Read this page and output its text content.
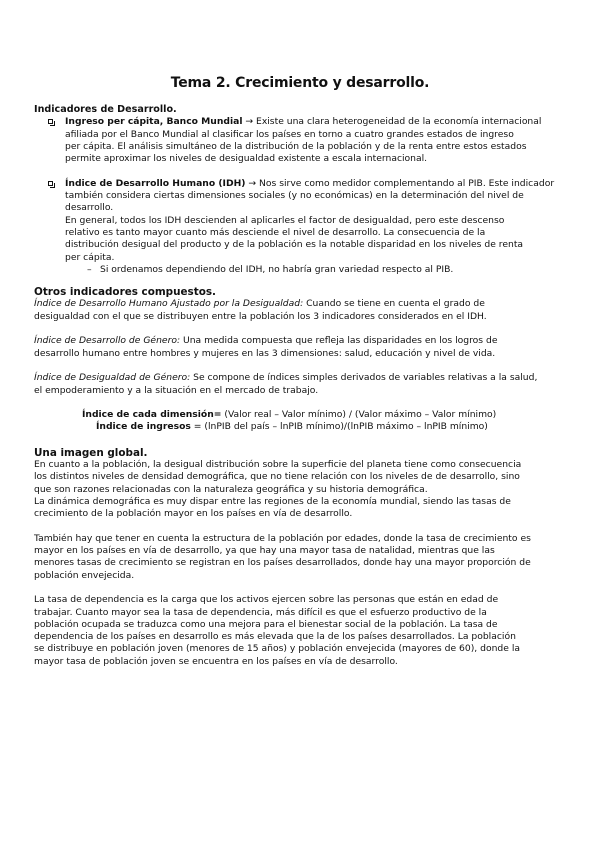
Tema 2. Crecimiento y desarrollo.

Indicadores de Desarrollo.

Ingreso per cápita, Banco Mundial → Existe una clara heterogeneidad de la economía internacional

afiliada por el Banco Mundial al clasificar los países en torno a cuatro grandes estados de ingreso

per cápita. El análisis simultáneo de la distribución de la población y de la renta entre estos estados

permite aproximar los niveles de desigualdad existente a escala internacional.

Índice de Desarrollo Humano (IDH) → Nos sirve como medidor complementando al PIB. Este indicador

también considera ciertas dimensiones sociales (y no económicas) en la determinación del nivel de

desarrollo.

En general, todos los IDH descienden al aplicarles el factor de desigualdad, pero este descenso

relativo es tanto mayor cuanto más desciende el nivel de desarrollo. La consecuencia de la

distribución desigual del producto y de la población es la notable disparidad en los niveles de renta

per cápita.

– Si ordenamos dependiendo del IDH, no habría gran variedad respecto al PIB.

Otros indicadores compuestos.

Índice de Desarrollo Humano Ajustado por la Desigualdad: Cuando se tiene en cuenta el grado de

desigualdad con el que se distribuyen entre la población los 3 indicadores considerados en el IDH.

Índice de Desarrollo de Género: Una medida compuesta que refleja las disparidades en los logros de

desarrollo humano entre hombres y mujeres en las 3 dimensiones: salud, educación y nivel de vida.

Índice de Desigualdad de Género: Se compone de índices simples derivados de variables relativas a la salud,

el empoderamiento y a la situación en el mercado de trabajo.

Índice de cada dimensión= (Valor real – Valor mínimo) / (Valor máximo – Valor mínimo)

Índice de ingresos = (lnPIB del país – lnPIB mínimo)/(lnPIB máximo – lnPIB mínimo)

Una imagen global.

En cuanto a la población, la desigual distribución sobre la superficie del planeta tiene como consecuencia

los distintos niveles de densidad demográfica, que no tiene relación con los niveles de de desarrollo, sino

que son razones relacionadas con la naturaleza geográfica y su historia demográfica.

La dinámica demográfica es muy dispar entre las regiones de la economía mundial, siendo las tasas de

crecimiento de la población mayor en los países en vía de desarrollo.

También hay que tener en cuenta la estructura de la población por edades, donde la tasa de crecimiento es

mayor en los países en vía de desarrollo, ya que hay una mayor tasa de natalidad, mientras que las

menores tasas de crecimiento se registran en los países desarrollados, donde hay una mayor proporción de

población envejecida.

La tasa de dependencia es la carga que los activos ejercen sobre las personas que están en edad de

trabajar. Cuanto mayor sea la tasa de dependencia, más difícil es que el esfuerzo productivo de la

población ocupada se traduzca como una mejora para el bienestar social de la población. La tasa de

dependencia de los países en desarrollo es más elevada que la de los países desarrollados. La población

se distribuye en población joven (menores de 15 años) y población envejecida (mayores de 60), donde la

mayor tasa de población joven se encuentra en los países en vía de desarrollo.
